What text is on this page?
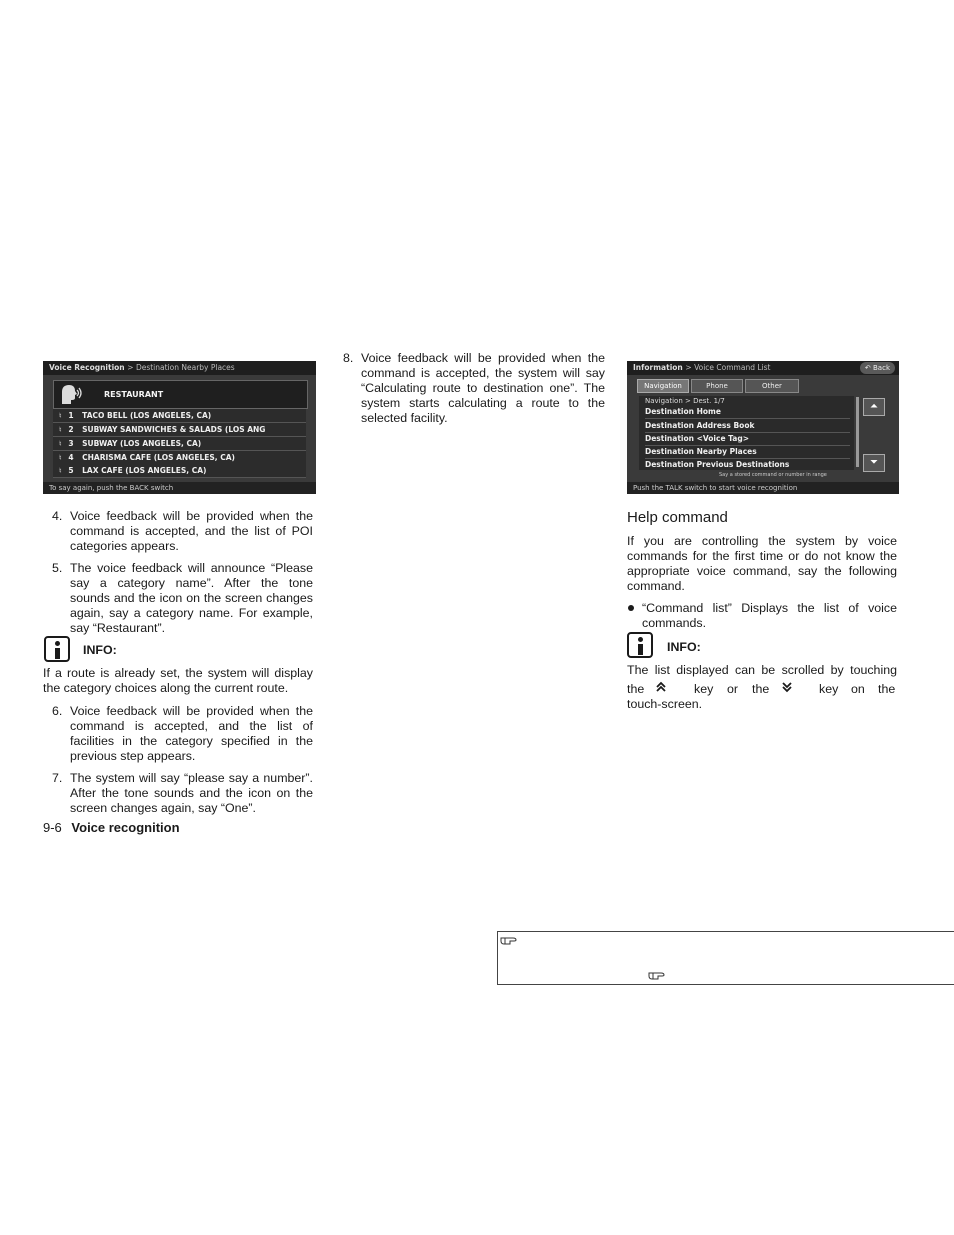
Voice Recognition > Destination Nearby Places
RESTAURANT
♮ 1 TACO BELL (LOS ANGELES, CA)
♮ 2 SUBWAY SANDWICHES & SALADS (LOS ANG
♮ 3 SUBWAY (LOS ANGELES, CA)
♮ 4 CHARISMA CAFE (LOS ANGELES, CA)
♮ 5 LAX CAFE (LOS ANGELES, CA)
To say again, push the BACK switch
4. Voice feedback will be provided when the command is accepted, and the list of POI categories appears.
5. The voice feedback will announce “Please say a category name”. After the tone sounds and the icon on the screen changes again, say a category name. For example, say “Restaurant”.
INFO:
If a route is already set, the system will display the category choices along the current route.
6. Voice feedback will be provided when the command is accepted, and the list of facilities in the category specified in the previous step appears.
7. The system will say “please say a number”. After the tone sounds and the icon on the screen changes again, say “One”.
9-6 Voice recognition
8. Voice feedback will be provided when the command is accepted, the system will say “Calculating route to destination one”. The system starts calculating a route to the selected facility.
Information > Voice Command List	↶ Back
Navigation	Phone	Other
Navigation > Dest. 1/7
Destination Home
Destination Address Book
Destination <Voice Tag>
Destination Nearby Places
Destination Previous Destinations
⏶
⏷
Say a stored command or number in range
Push the TALK switch to start voice recognition
Help command
If you are controlling the system by voice commands for the first time or do not know the appropriate voice command, say the following command.
“Command list” Displays the list of voice commands.
INFO:
The list displayed can be scrolled by touching
the	key or the	key on the
touch-screen.
